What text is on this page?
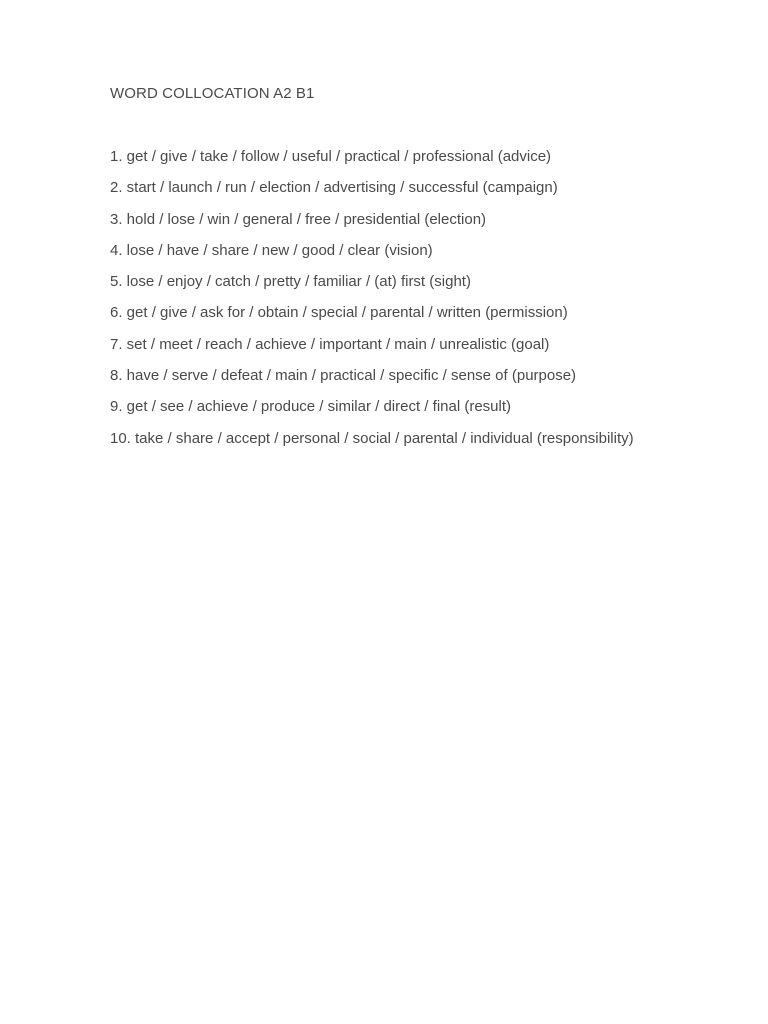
WORD COLLOCATION A2 B1
1. get / give / take / follow / useful / practical / professional (advice)
2. start / launch / run / election / advertising / successful (campaign)
3. hold / lose / win / general / free / presidential (election)
4. lose / have / share / new / good / clear (vision)
5. lose / enjoy / catch / pretty / familiar / (at) first (sight)
6. get / give / ask for / obtain / special / parental / written (permission)
7. set / meet / reach / achieve / important / main / unrealistic (goal)
8. have / serve / defeat / main / practical / specific / sense of (purpose)
9. get / see / achieve / produce / similar / direct / final (result)
10. take / share / accept / personal / social / parental / individual (responsibility)
